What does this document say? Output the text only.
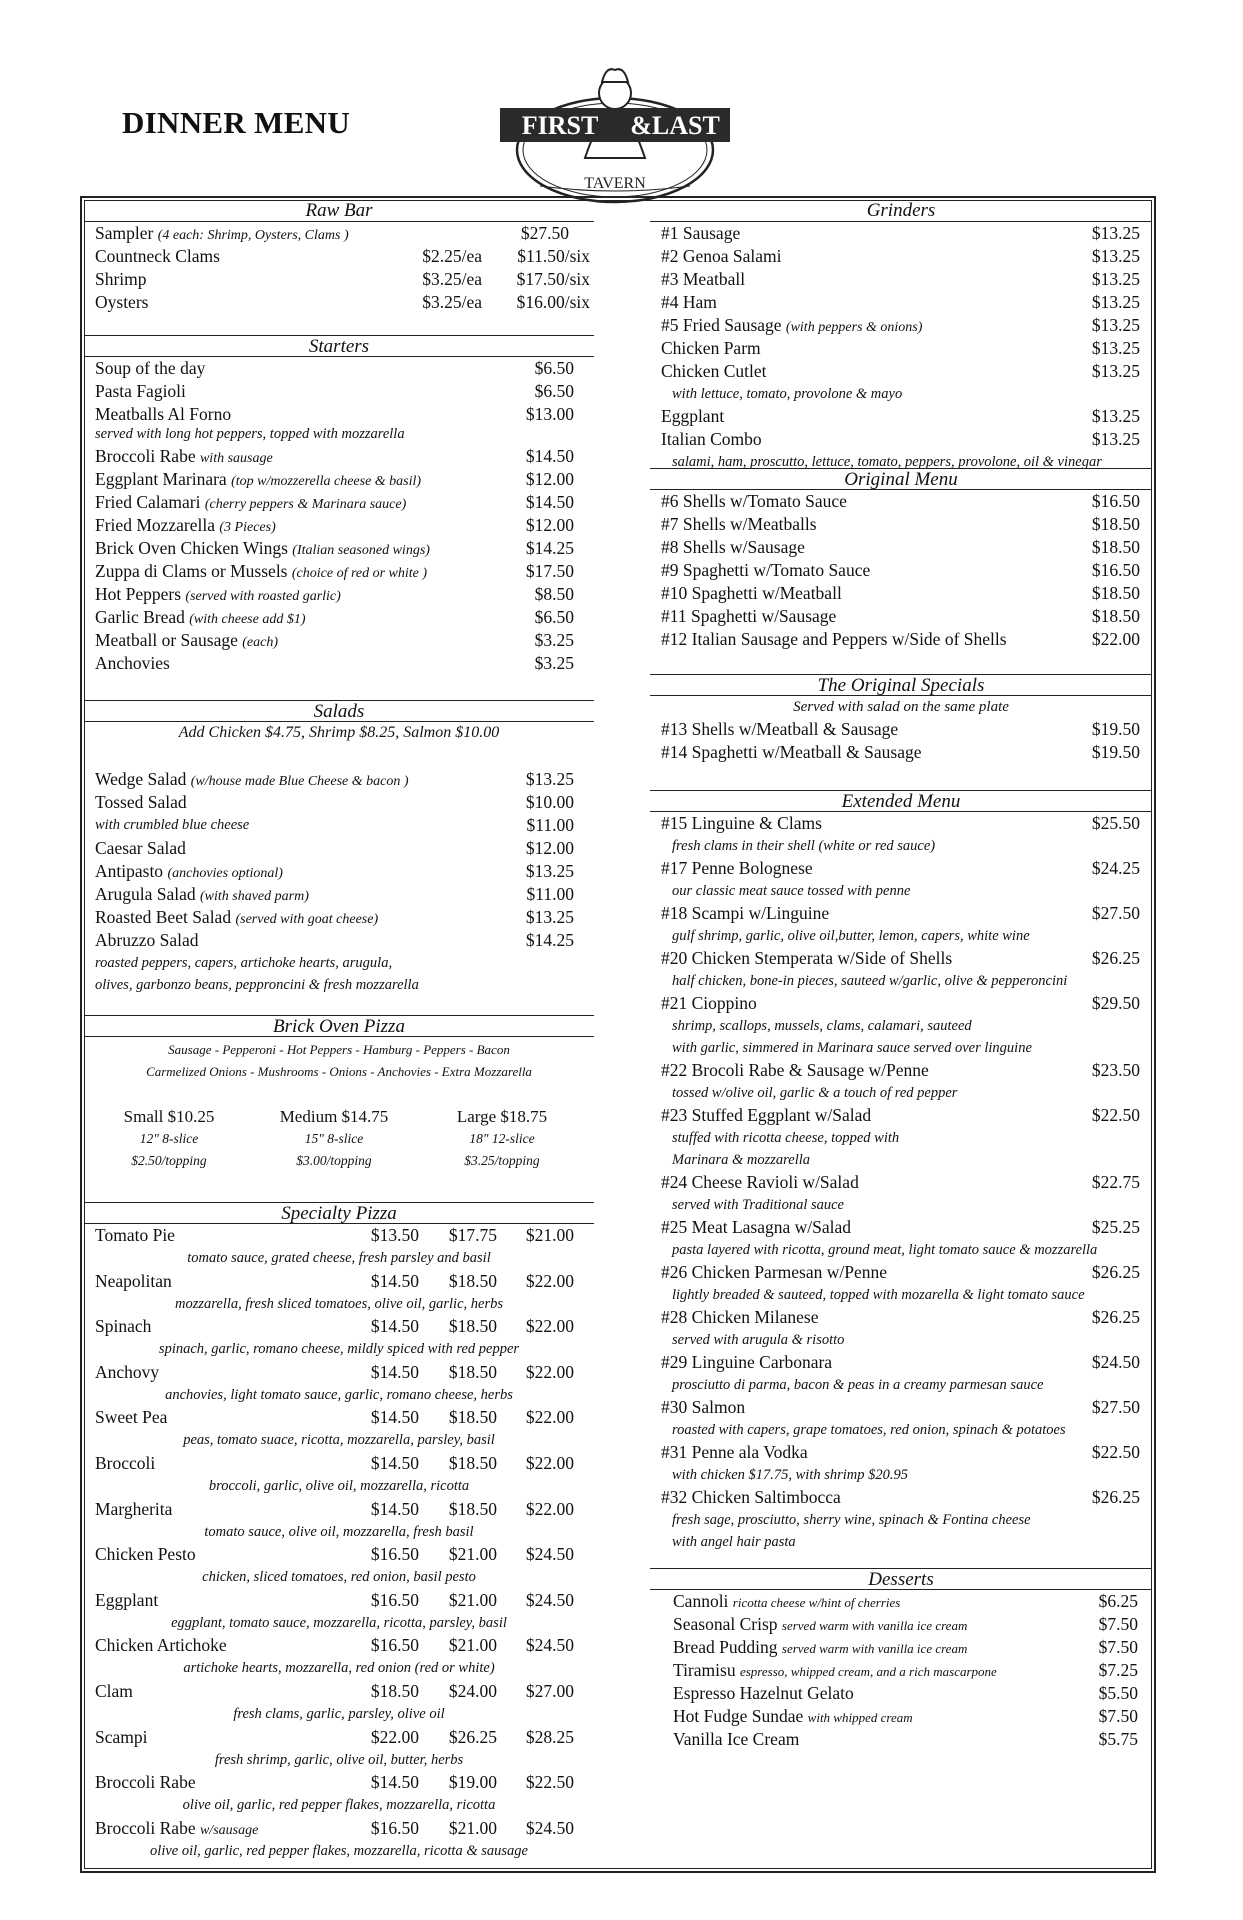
DINNER MENU	FIRST &LAST
TAVERN
Raw Bar
Sampler (4 each: Shrimp, Oysters, Clams )	$27.50
Countneck Clams	$2.25/ea $11.50/six
Shrimp	$3.25/ea $17.50/six
Oysters	$3.25/ea $16.00/six
Starters
Soup of the day	$6.50
Pasta Fagioli	$6.50
Meatballs Al Forno	$13.00
served with long hot peppers, topped with mozzarella
Broccoli Rabe with sausage	$14.50
Eggplant Marinara (top w/mozzerella cheese & basil)	$12.00
Fried Calamari (cherry peppers & Marinara sauce)	$14.50
Fried Mozzarella (3 Pieces)	$12.00
Brick Oven Chicken Wings (Italian seasoned wings)	$14.25
Zuppa di Clams or Mussels (choice of red or white )	$17.50
Hot Peppers (served with roasted garlic)	$8.50
Garlic Bread (with cheese add $1)	$6.50
Meatball or Sausage (each)	$3.25
Anchovies	$3.25
Salads
Add Chicken $4.75, Shrimp $8.25, Salmon $10.00
Wedge Salad (w/house made Blue Cheese & bacon )	$13.25
Tossed Salad	$10.00
with crumbled blue cheese	$11.00
Caesar Salad	$12.00
Antipasto (anchovies optional)	$13.25
Arugula Salad (with shaved parm)	$11.00
Roasted Beet Salad (served with goat cheese)	$13.25
Abruzzo Salad	$14.25
roasted peppers, capers, artichoke hearts, arugula,
olives, garbonzo beans, pepproncini & fresh mozzarella
Brick Oven Pizza
Sausage - Pepperoni - Hot Peppers - Hamburg - Peppers - Bacon
Carmelized Onions - Mushrooms - Onions - Anchovies - Extra Mozzarella
Small $10.25	Medium $14.75	Large $18.75
12" 8-slice	15" 8-slice	18" 12-slice
$2.50/topping	$3.00/topping	$3.25/topping
Specialty Pizza
Tomato Pie	$13.50	$17.75 $21.00
tomato sauce, grated cheese, fresh parsley and basil
Neapolitan	$14.50	$18.50 $22.00
mozzarella, fresh sliced tomatoes, olive oil, garlic, herbs
Spinach	$14.50	$18.50 $22.00
spinach, garlic, romano cheese, mildly spiced with red pepper
Anchovy	$14.50	$18.50 $22.00
anchovies, light tomato sauce, garlic, romano cheese, herbs
Sweet Pea	$14.50	$18.50 $22.00
peas, tomato suace, ricotta, mozzarella, parsley, basil
Broccoli	$14.50	$18.50 $22.00
broccoli, garlic, olive oil, mozzarella, ricotta
Margherita	$14.50	$18.50 $22.00
tomato sauce, olive oil, mozzarella, fresh basil
Chicken Pesto	$16.50	$21.00 $24.50
chicken, sliced tomatoes, red onion, basil pesto
Eggplant	$16.50	$21.00 $24.50
eggplant, tomato sauce, mozzarella, ricotta, parsley, basil
Chicken Artichoke	$16.50	$21.00 $24.50
artichoke hearts, mozzarella, red onion (red or white)
Clam	$18.50	$24.00 $27.00
fresh clams, garlic, parsley, olive oil
Scampi	$22.00	$26.25 $28.25
fresh shrimp, garlic, olive oil, butter, herbs
Broccoli Rabe	$14.50	$19.00 $22.50
olive oil, garlic, red pepper flakes, mozzarella, ricotta
Broccoli Rabe w/sausage	$16.50	$21.00 $24.50
olive oil, garlic, red pepper flakes, mozzarella, ricotta & sausage
Grinders
#1 Sausage	$13.25
#2 Genoa Salami	$13.25
#3 Meatball	$13.25
#4 Ham	$13.25
#5 Fried Sausage (with peppers & onions)	$13.25
Chicken Parm	$13.25
Chicken Cutlet	$13.25
with lettuce, tomato, provolone & mayo
Eggplant	$13.25
Italian Combo	$13.25
salami, ham, proscutto, lettuce, tomato, peppers, provolone, oil & vinegar
Original Menu
#6 Shells w/Tomato Sauce	$16.50
#7 Shells w/Meatballs	$18.50
#8 Shells w/Sausage	$18.50
#9 Spaghetti w/Tomato Sauce	$16.50
#10 Spaghetti w/Meatball	$18.50
#11 Spaghetti w/Sausage	$18.50
#12 Italian Sausage and Peppers w/Side of Shells	$22.00
The Original Specials
Served with salad on the same plate
#13 Shells w/Meatball & Sausage	$19.50
#14 Spaghetti w/Meatball & Sausage	$19.50
Extended Menu
#15 Linguine & Clams	$25.50
fresh clams in their shell (white or red sauce)
#17 Penne Bolognese	$24.25
our classic meat sauce tossed with penne
#18 Scampi w/Linguine	$27.50
gulf shrimp, garlic, olive oil,butter, lemon, capers, white wine
#20 Chicken Stemperata w/Side of Shells	$26.25
half chicken, bone-in pieces, sauteed w/garlic, olive & pepperoncini
#21 Cioppino	$29.50
shrimp, scallops, mussels, clams, calamari, sauteed
with garlic, simmered in Marinara sauce served over linguine
#22 Brocoli Rabe & Sausage w/Penne	$23.50
tossed w/olive oil, garlic & a touch of red pepper
#23 Stuffed Eggplant w/Salad	$22.50
stuffed with ricotta cheese, topped with
Marinara & mozzarella
#24 Cheese Ravioli w/Salad	$22.75
served with Traditional sauce
#25 Meat Lasagna w/Salad	$25.25
pasta layered with ricotta, ground meat, light tomato sauce & mozzarella
#26 Chicken Parmesan w/Penne	$26.25
lightly breaded & sauteed, topped with mozarella & light tomato sauce
#28 Chicken Milanese	$26.25
served with arugula & risotto
#29 Linguine Carbonara	$24.50
prosciutto di parma, bacon & peas in a creamy parmesan sauce
#30 Salmon	$27.50
roasted with capers, grape tomatoes, red onion, spinach & potatoes
#31 Penne ala Vodka	$22.50
with chicken $17.75, with shrimp $20.95
#32 Chicken Saltimbocca	$26.25
fresh sage, prosciutto, sherry wine, spinach & Fontina cheese
with angel hair pasta
Desserts
Cannoli ricotta cheese w/hint of cherries	$6.25
Seasonal Crisp served warm with vanilla ice cream	$7.50
Bread Pudding served warm with vanilla ice cream	$7.50
Tiramisu espresso, whipped cream, and a rich mascarpone	$7.25
Espresso Hazelnut Gelato	$5.50
Hot Fudge Sundae with whipped cream	$7.50
Vanilla Ice Cream	$5.75
